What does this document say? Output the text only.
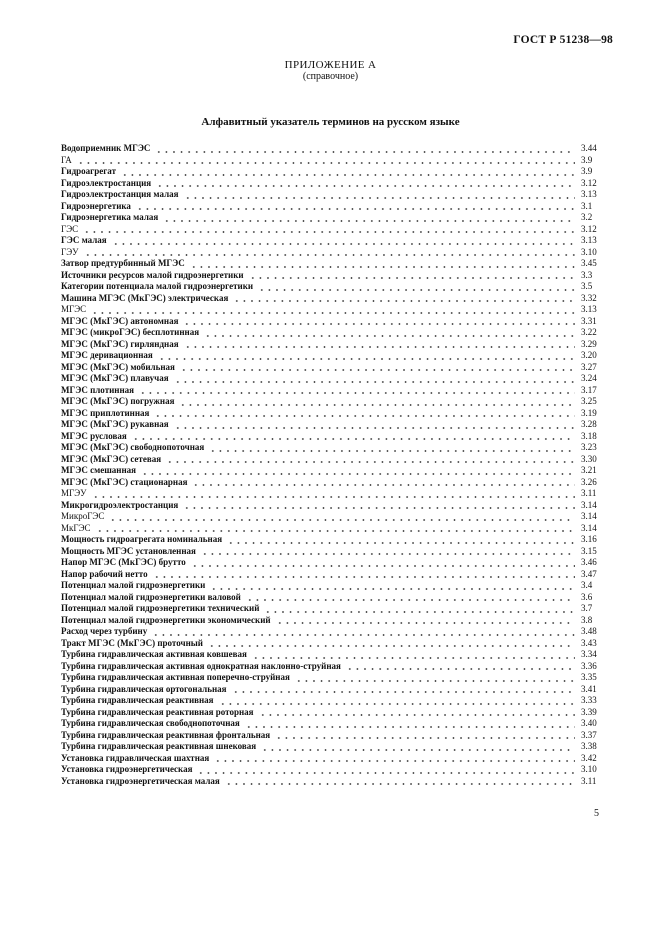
ГОСТ Р 51238—98
ПРИЛОЖЕНИЕ А
(справочное)
Алфавитный указатель терминов на русском языке
Водоприемник МГЭС	3.44
ГА	3.9
Гидроагрегат	3.9
Гидроэлектростанция	3.12
Гидроэлектростанция малая	3.13
Гидроэнергетика	3.1
Гидроэнергетика малая	3.2
ГЭС	3.12
ГЭС малая	3.13
ГЭУ	3.10
Затвор предтурбинный МГЭС	3.45
Источники ресурсов малой гидроэнергетики	3.3
Категории потенциала малой гидроэнергетики	3.5
Машина МГЭС (МкГЭС) электрическая	3.32
МГЭС	3.13
МГЭС (МкГЭС) автономная	3.31
МГЭС (микроГЭС) бесплотинная	3.22
МГЭС (МкГЭС) гирляндная	3.29
МГЭС деривационная	3.20
МГЭС (МкГЭС) мобильная	3.27
МГЭС (МкГЭС) плавучая	3.24
МГЭС плотинная	3.17
МГЭС (МкГЭС) погружная	3.25
МГЭС приплотинная	3.19
МГЭС (МкГЭС) рукавная	3.28
МГЭС русловая	3.18
МГЭС (МкГЭС) свободнопоточная	3.23
МГЭС (МкГЭС) сетевая	3.30
МГЭС смешанная	3.21
МГЭС (МкГЭС) стационарная	3.26
МГЭУ	3.11
Микрогидроэлектростанция	3.14
МикроГЭС	3.14
МкГЭС	3.14
Мощность гидроагрегата номинальная	3.16
Мощность МГЭС установленная	3.15
Напор МГЭС (МкГЭС) брутто	3.46
Напор рабочий нетто	3.47
Потенциал малой гидроэнергетики	3.4
Потенциал малой гидроэнергетики валовой	3.6
Потенциал малой гидроэнергетики технический	3.7
Потенциал малой гидроэнергетики экономический	3.8
Расход через турбину	3.48
Тракт МГЭС (МкГЭС) проточный	3.43
Турбина гидравлическая активная ковшевая	3.34
Турбина гидравлическая активная однократная наклонно-струйная	3.36
Турбина гидравлическая активная поперечно-струйная	3.35
Турбина гидравлическая ортогональная	3.41
Турбина гидравлическая реактивная	3.33
Турбина гидравлическая реактивная роторная	3.39
Турбина гидравлическая свободнопоточная	3.40
Турбина гидравлическая реактивная фронтальная	3.37
Турбина гидравлическая реактивная шнековая	3.38
Установка гидравлическая шахтная	3.42
Установка гидроэнергетическая	3.10
Установка гидроэнергетическая малая	3.11
5
